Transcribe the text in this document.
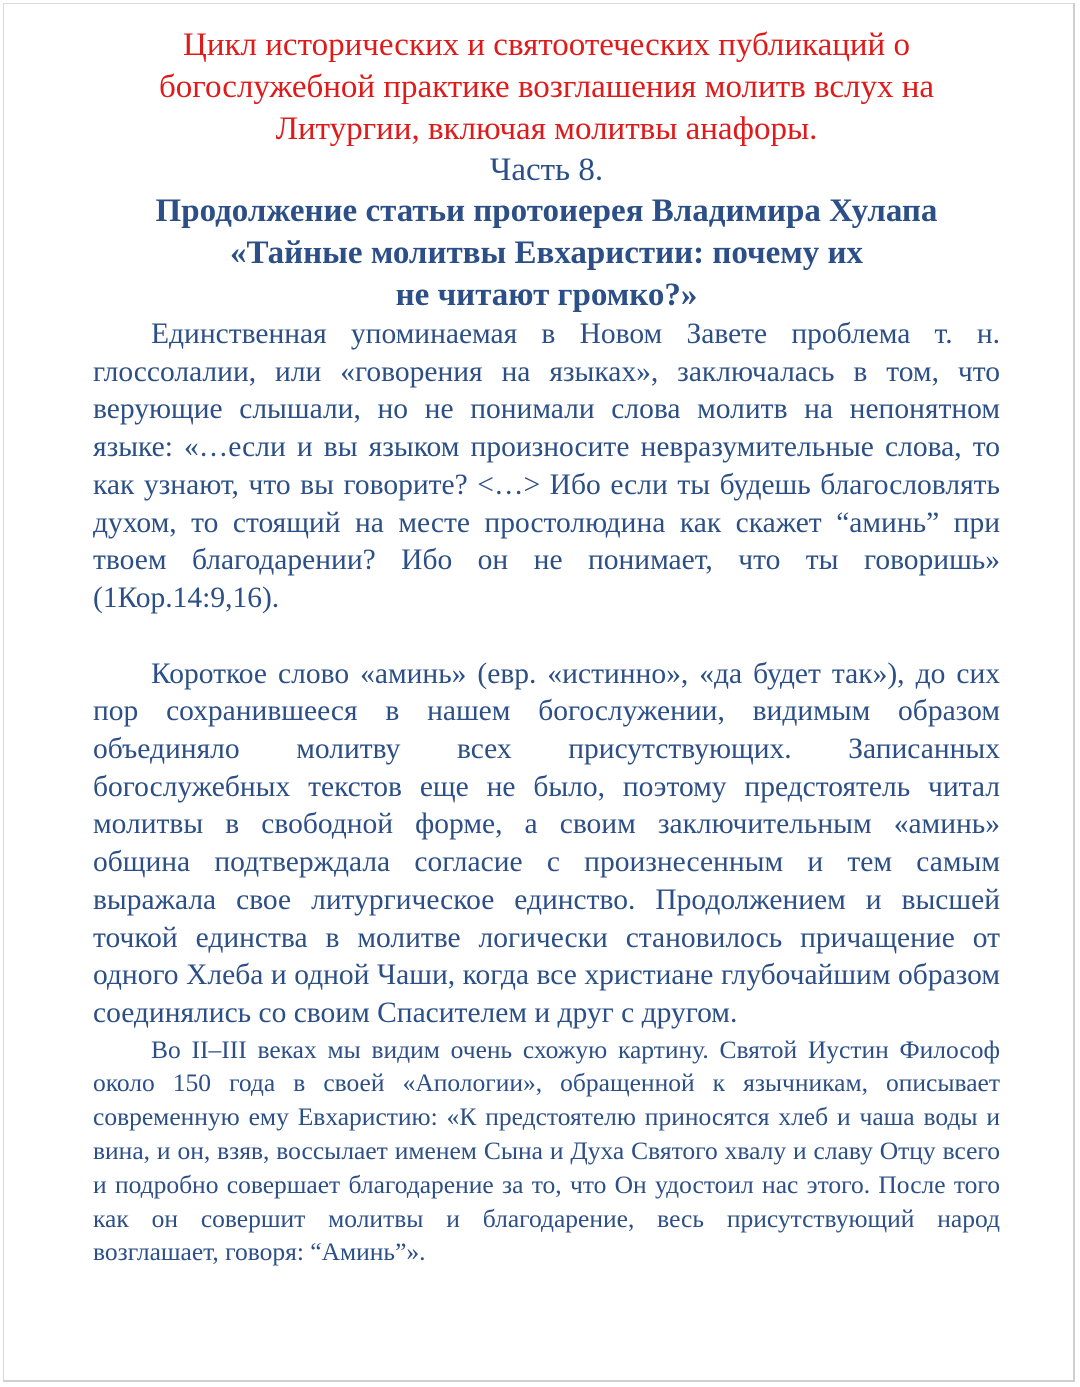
Цикл исторических и святоотеческих публикаций о богослужебной практике возглашения молитв вслух на Литургии, включая молитвы анафоры.

Часть 8.

Продолжение статьи протоиерея Владимира Хулапа
«Тайные молитвы Евхаристии: почему их
не читают громко?»

Единственная упоминаемая в Новом Завете проблема т. н. глоссолалии, или «говорения на языках», заключалась в том, что верующие слышали, но не понимали слова молитв на непонятном языке: «…если и вы языком произносите невразумительные слова, то как узнают, что вы говорите? <…> Ибо если ты будешь благословлять духом, то стоящий на месте простолюдина как скажет “аминь” при твоем благодарении? Ибо он не понимает, что ты говоришь» (1Кор.14:9,16).

Короткое слово «аминь» (евр. «истинно», «да будет так»), до сих пор сохранившееся в нашем богослужении, видимым образом объединяло молитву всех присутствующих. Записанных богослужебных текстов еще не было, поэтому предстоятель читал молитвы в свободной форме, а своим заключительным «аминь» община подтверждала согласие с произнесенным и тем самым выражала свое литургическое единство. Продолжением и высшей точкой единства в молитве логически становилось причащение от одного Хлеба и одной Чаши, когда все христиане глубочайшим образом соединялись со своим Спасителем и друг с другом.

Во II–III веках мы видим очень схожую картину. Святой Иустин Философ около 150 года в своей «Апологии», обращенной к язычникам, описывает современную ему Евхаристию: «К предстоятелю приносятся хлеб и чаша воды и вина, и он, взяв, воссылает именем Сына и Духа Святого хвалу и славу Отцу всего и подробно совершает благодарение за то, что Он удостоил нас этого. После того как он совершит молитвы и благодарение, весь присутствующий народ возглашает, говоря: “Аминь”».
